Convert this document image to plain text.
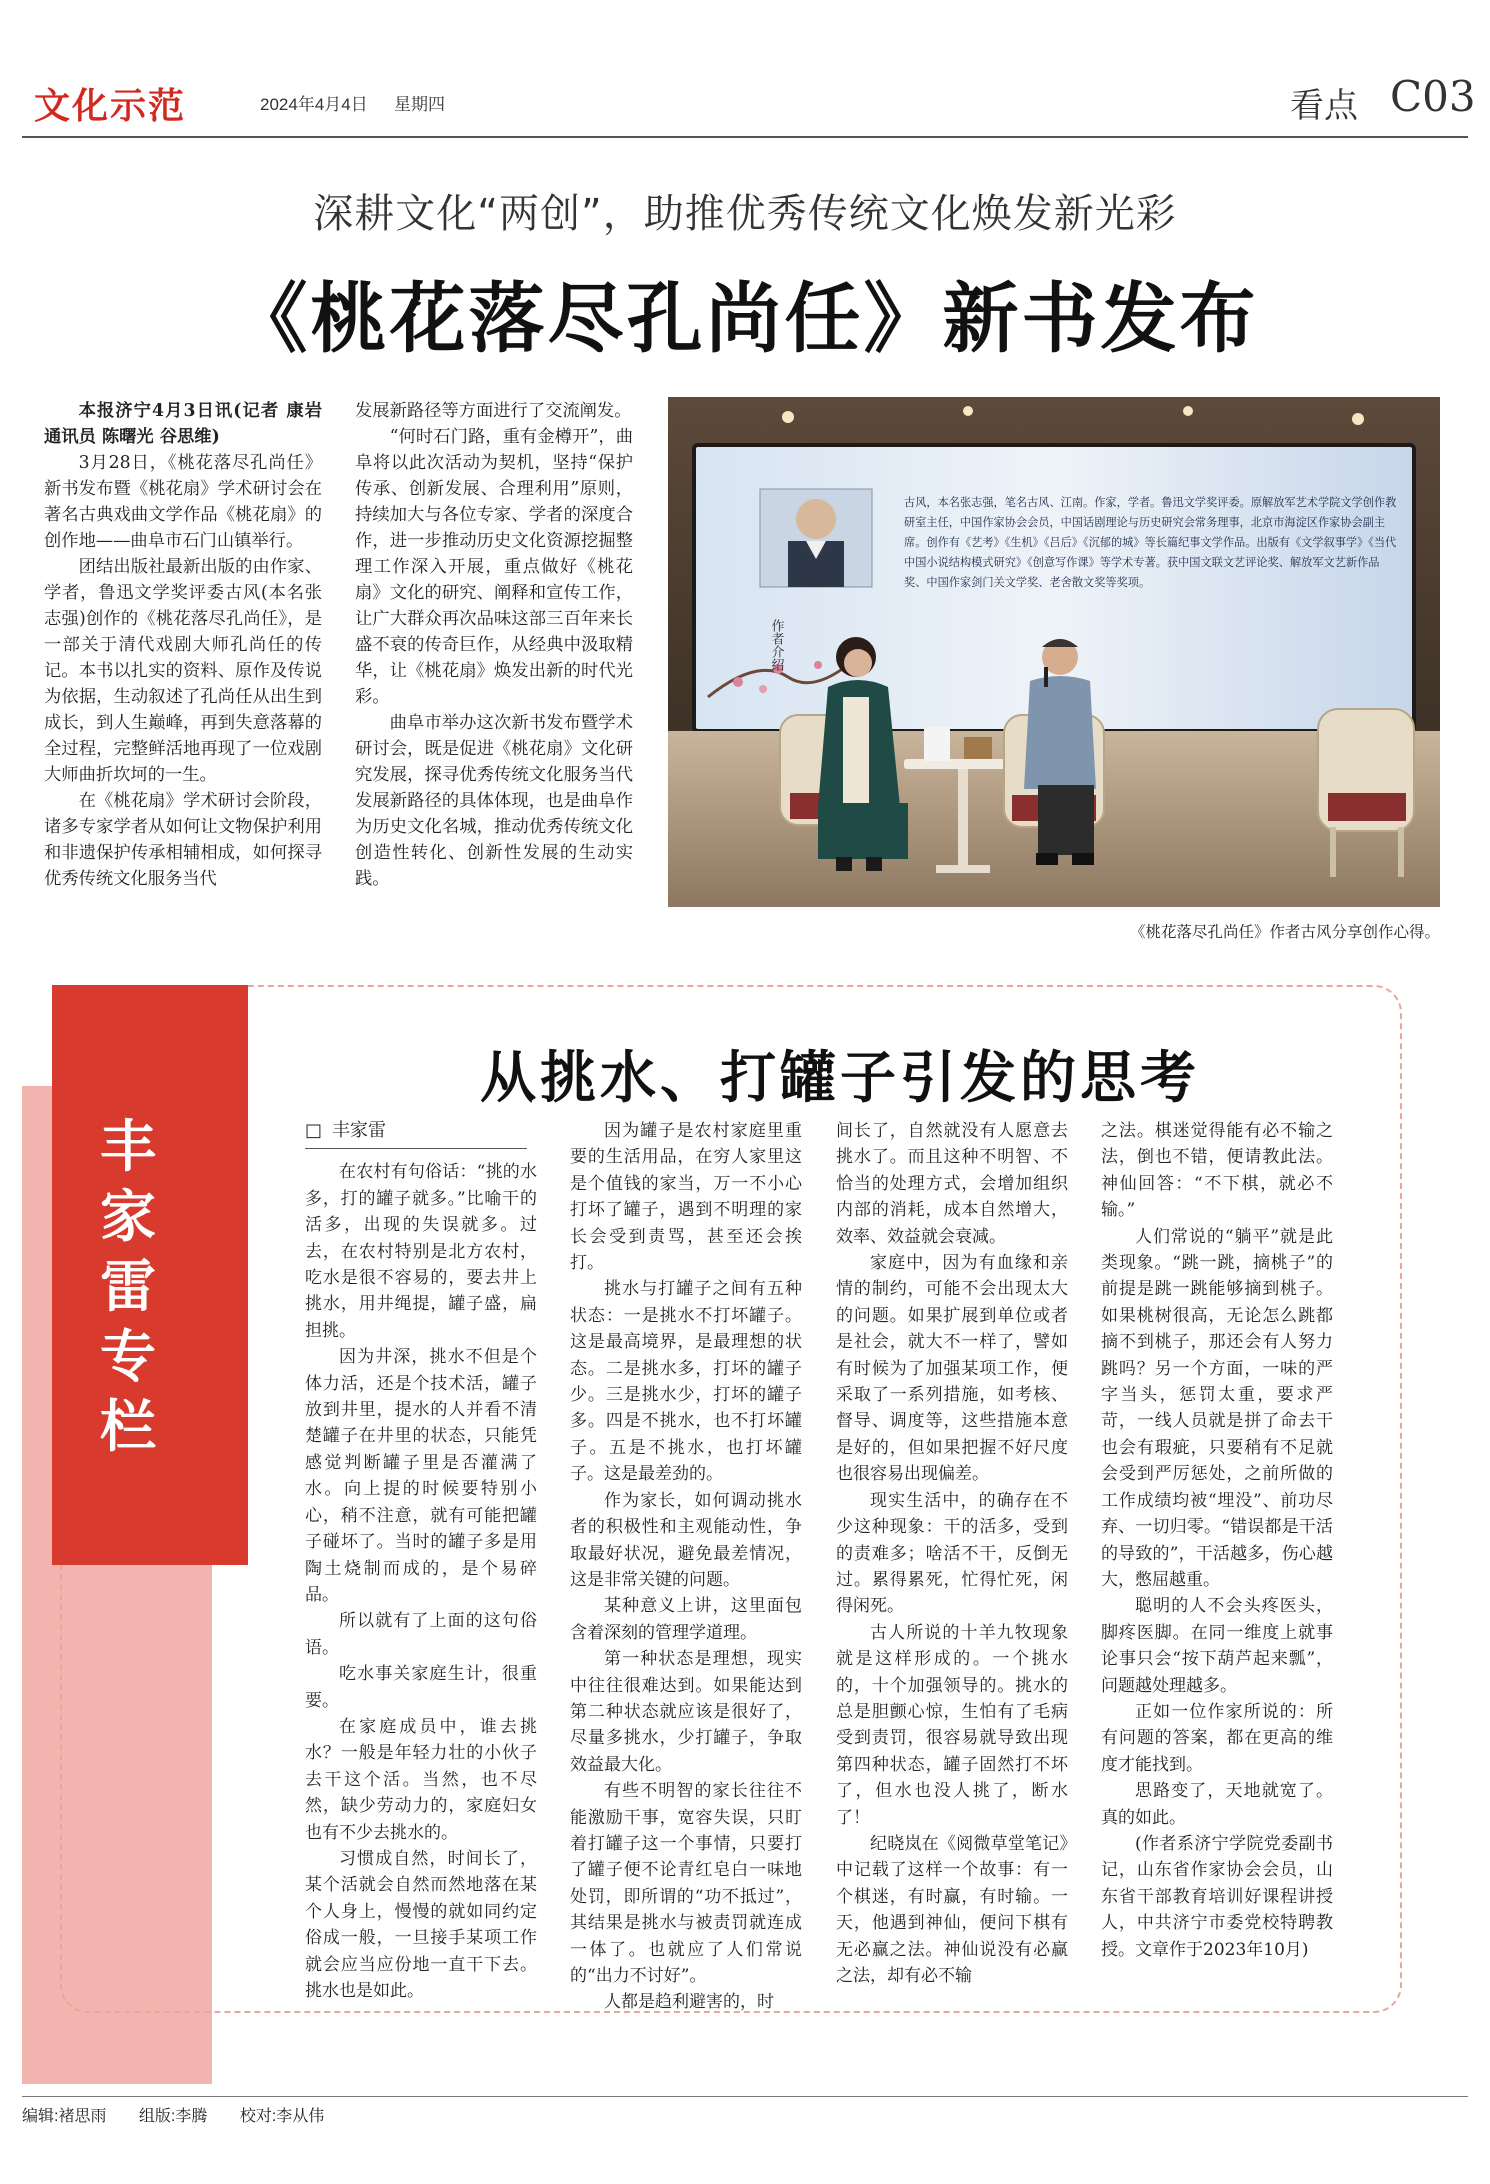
文化示范	2024年4月4日 星期四	看点 C03
深耕文化“两创”，助推优秀传统文化焕发新光彩
《桃花落尽孔尚任》新书发布

本报济宁4月3日讯(记者 康岩 通讯员 陈曙光 谷思维)

3月28日，《桃花落尽孔尚任》新书发布暨《桃花扇》学术研讨会在著名古典戏曲文学作品《桃花扇》的创作地——曲阜市石门山镇举行。

团结出版社最新出版的由作家、学者，鲁迅文学奖评委古风(本名张志强)创作的《桃花落尽孔尚任》，是一部关于清代戏剧大师孔尚任的传记。本书以扎实的资料、原作及传说为依据，生动叙述了孔尚任从出生到成长，到人生巅峰，再到失意落幕的全过程，完整鲜活地再现了一位戏剧大师曲折坎坷的一生。

在《桃花扇》学术研讨会阶段，诸多专家学者从如何让文物保护利用和非遗保护传承相辅相成，如何探寻优秀传统文化服务当代

发展新路径等方面进行了交流阐发。

“何时石门路，重有金樽开”，曲阜将以此次活动为契机，坚持“保护传承、创新发展、合理利用”原则，持续加大与各位专家、学者的深度合作，进一步推动历史文化资源挖掘整理工作深入开展，重点做好《桃花扇》文化的研究、阐释和宣传工作，让广大群众再次品味这部三百年来长盛不衰的传奇巨作，从经典中汲取精华，让《桃花扇》焕发出新的时代光彩。

曲阜市举办这次新书发布暨学术研讨会，既是促进《桃花扇》文化研究发展，探寻优秀传统文化服务当代发展新路径的具体体现，也是曲阜作为历史文化名城，推动优秀传统文化创造性转化、创新性发展的生动实践。

作者介绍
古风，本名张志强，笔名古风、江南。作家，学者。鲁迅文学奖评委。原解放军艺术学院文学创作教研室主任，中国作家协会会员，中国话剧理论与历史研究会常务理事，北京市海淀区作家协会副主席。创作有《艺考》《生机》《吕后》《沉郁的城》等长篇纪事文学作品。出版有《文学叙事学》《当代中国小说结构模式研究》《创意写作课》等学术专著。获中国文联文艺评论奖、解放军文艺新作品奖、中国作家剑门关文学奖、老舍散文奖等奖项。
《桃花落尽孔尚任》作者古风分享创作心得。
丰
家
雷
专
栏
从挑水、打罐子引发的思考
□ 丰家雷

在农村有句俗话：“挑的水多，打的罐子就多。”比喻干的活多，出现的失误就多。过去，在农村特别是北方农村，吃水是很不容易的，要去井上挑水，用井绳提，罐子盛，扁担挑。

因为井深，挑水不但是个体力活，还是个技术活，罐子放到井里，提水的人并看不清楚罐子在井里的状态，只能凭感觉判断罐子里是否灌满了水。向上提的时候要特别小心，稍不注意，就有可能把罐子碰坏了。当时的罐子多是用陶土烧制而成的，是个易碎品。

所以就有了上面的这句俗语。

吃水事关家庭生计，很重要。

在家庭成员中，谁去挑水？一般是年轻力壮的小伙子去干这个活。当然，也不尽然，缺少劳动力的，家庭妇女也有不少去挑水的。

习惯成自然，时间长了，某个活就会自然而然地落在某个人身上，慢慢的就如同约定俗成一般，一旦接手某项工作就会应当应份地一直干下去。挑水也是如此。

因为罐子是农村家庭里重要的生活用品，在穷人家里这是个值钱的家当，万一不小心打坏了罐子，遇到不明理的家长会受到责骂，甚至还会挨打。

挑水与打罐子之间有五种状态：一是挑水不打坏罐子。这是最高境界，是最理想的状态。二是挑水多，打坏的罐子少。三是挑水少，打坏的罐子多。四是不挑水，也不打坏罐子。五是不挑水，也打坏罐子。这是最差劲的。

作为家长，如何调动挑水者的积极性和主观能动性，争取最好状况，避免最差情况，这是非常关键的问题。

某种意义上讲，这里面包含着深刻的管理学道理。

第一种状态是理想，现实中往往很难达到。如果能达到第二种状态就应该是很好了，尽量多挑水，少打罐子，争取效益最大化。

有些不明智的家长往往不能激励干事，宽容失误，只盯着打罐子这一个事情，只要打了罐子便不论青红皂白一味地处罚，即所谓的“功不抵过”，其结果是挑水与被责罚就连成一体了。也就应了人们常说的“出力不讨好”。

人都是趋利避害的，时

间长了，自然就没有人愿意去挑水了。而且这种不明智、不恰当的处理方式，会增加组织内部的消耗，成本自然增大，效率、效益就会衰减。

家庭中，因为有血缘和亲情的制约，可能不会出现太大的问题。如果扩展到单位或者是社会，就大不一样了，譬如有时候为了加强某项工作，便采取了一系列措施，如考核、督导、调度等，这些措施本意是好的，但如果把握不好尺度也很容易出现偏差。

现实生活中，的确存在不少这种现象：干的活多，受到的责难多；啥活不干，反倒无过。累得累死，忙得忙死，闲得闲死。

古人所说的十羊九牧现象就是这样形成的。一个挑水的，十个加强领导的。挑水的总是胆颤心惊，生怕有了毛病受到责罚，很容易就导致出现第四种状态，罐子固然打不坏了，但水也没人挑了，断水了！

纪晓岚在《阅微草堂笔记》中记载了这样一个故事：有一个棋迷，有时赢，有时输。一天，他遇到神仙，便问下棋有无必赢之法。神仙说没有必赢之法，却有必不输

之法。棋迷觉得能有必不输之法，倒也不错，便请教此法。神仙回答：“不下棋，就必不输。”

人们常说的“躺平”就是此类现象。“跳一跳，摘桃子”的前提是跳一跳能够摘到桃子。如果桃树很高，无论怎么跳都摘不到桃子，那还会有人努力跳吗？另一个方面，一味的严字当头，惩罚太重，要求严苛，一线人员就是拼了命去干也会有瑕疵，只要稍有不足就会受到严厉惩处，之前所做的工作成绩均被“埋没”、前功尽弃、一切归零。“错误都是干活的导致的”，干活越多，伤心越大，憋屈越重。

聪明的人不会头疼医头，脚疼医脚。在同一维度上就事论事只会“按下葫芦起来瓢”，问题越处理越多。

正如一位作家所说的：所有问题的答案，都在更高的维度才能找到。

思路变了，天地就宽了。真的如此。

(作者系济宁学院党委副书记，山东省作家协会会员，山东省干部教育培训好课程讲授人，中共济宁市委党校特聘教授。文章作于2023年10月)

编辑:褚思雨 组版:李腾 校对:李从伟
